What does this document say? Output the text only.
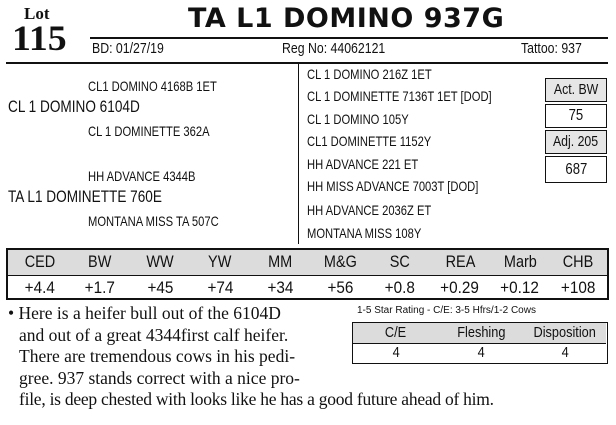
Lot
115	TA L1 DOMINO 937G
BD: 01/27/19	Reg No: 44062121	Tattoo: 937
CL1 DOMINO 4168B 1ET
CL 1 DOMINO 6104D
CL 1 DOMINETTE 362A
HH ADVANCE 4344B
TA L1 DOMINETTE 760E
MONTANA MISS TA 507C
CL 1 DOMINO 216Z 1ET
CL 1 DOMINETTE 7136T 1ET [DOD]
CL 1 DOMINO 105Y
CL1 DOMINETTE 1152Y
HH ADVANCE 221 ET
HH MISS ADVANCE 7003T [DOD]
HH ADVANCE 2036Z ET
MONTANA MISS 108Y
Act. BW
75
Adj. 205
687
CED	BW	WW	YW	MM	M&G	SC	REA	Marb	CHB
+4.4	+1.7	+45	+74	+34	+56	+0.8	+0.29	+0.12	+108
1-5 Star Rating - C/E: 3-5 Hfrs/1-2 Cows
C/E	Fleshing	Disposition
4	4	4
• Here is a heifer bull out of the 6104D
and out of a great 4344first calf heifer.
There are tremendous cows in his pedi-
gree. 937 stands correct with a nice pro-
file, is deep chested with looks like he has a good future ahead of him.
